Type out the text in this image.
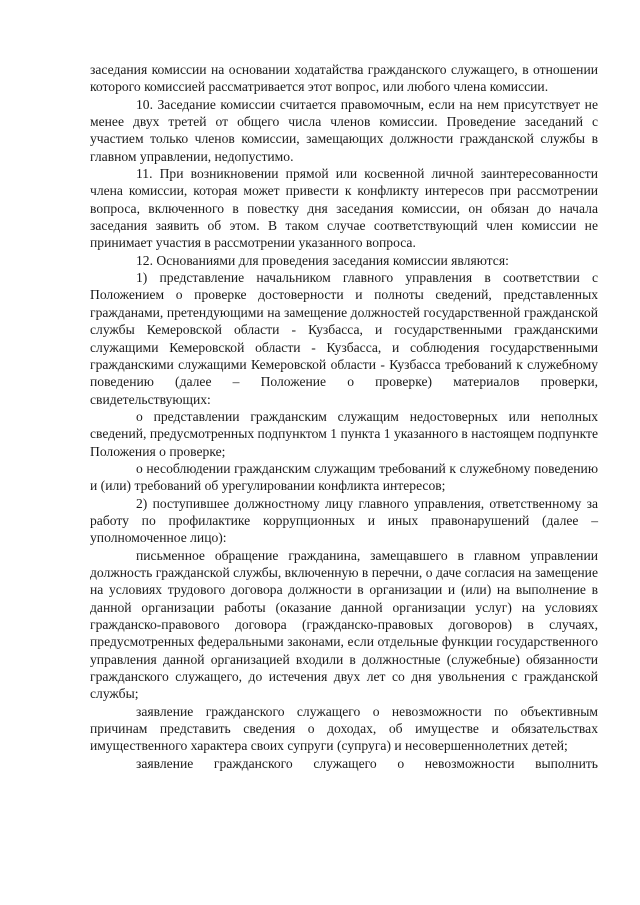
заседания комиссии на основании ходатайства гражданского служащего, в отношении которого комиссией рассматривается этот вопрос, или любого члена комиссии.

10. Заседание комиссии считается правомочным, если на нем присутствует не менее двух третей от общего числа членов комиссии. Проведение заседаний с участием только членов комиссии, замещающих должности гражданской службы в главном управлении, недопустимо.

11. При возникновении прямой или косвенной личной заинтересованности члена комиссии, которая может привести к конфликту интересов при рассмотрении вопроса, включенного в повестку дня заседания комиссии, он обязан до начала заседания заявить об этом. В таком случае соответствующий член комиссии не принимает участия в рассмотрении указанного вопроса.

12. Основаниями для проведения заседания комиссии являются:

1) представление начальником главного управления в соответствии с Положением о проверке достоверности и полноты сведений, представленных гражданами, претендующими на замещение должностей государственной гражданской службы Кемеровской области - Кузбасса, и государственными гражданскими служащими Кемеровской области - Кузбасса, и соблюдения государственными гражданскими служащими Кемеровской области - Кузбасса требований к служебному поведению (далее – Положение о проверке) материалов проверки, свидетельствующих:

о представлении гражданским служащим недостоверных или неполных сведений, предусмотренных подпунктом 1 пункта 1 указанного в настоящем подпункте Положения о проверке;

о несоблюдении гражданским служащим требований к служебному поведению и (или) требований об урегулировании конфликта интересов;

2) поступившее должностному лицу главного управления, ответственному за работу по профилактике коррупционных и иных правонарушений (далее – уполномоченное лицо):

письменное обращение гражданина, замещавшего в главном управлении должность гражданской службы, включенную в перечни, о даче согласия на замещение на условиях трудового договора должности в организации и (или) на выполнение в данной организации работы (оказание данной организации услуг) на условиях гражданско-правового договора (гражданско-правовых договоров) в случаях, предусмотренных федеральными законами, если отдельные функции государственного управления данной организацией входили в должностные (служебные) обязанности гражданского служащего, до истечения двух лет со дня увольнения с гражданской службы;

заявление гражданского служащего о невозможности по объективным причинам представить сведения о доходах, об имуществе и обязательствах имущественного характера своих супруги (супруга) и несовершеннолетних детей;

заявление гражданского служащего о невозможности выполнить
